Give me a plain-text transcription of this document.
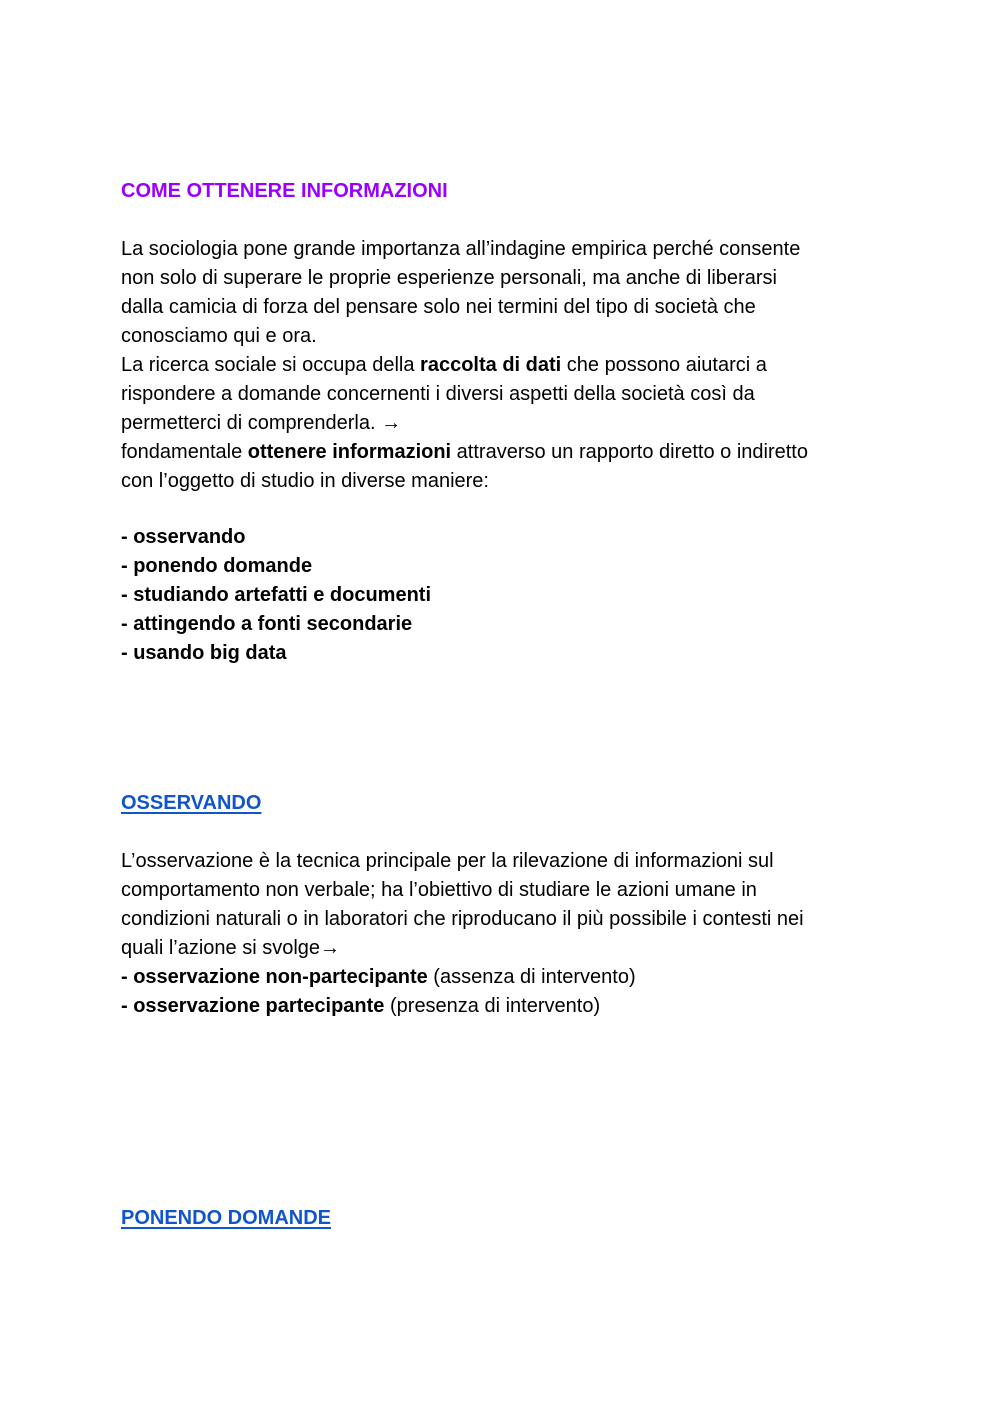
COME OTTENERE INFORMAZIONI

La sociologia pone grande importanza all’indagine empirica perché consente

non solo di superare le proprie esperienze personali, ma anche di liberarsi

dalla camicia di forza del pensare solo nei termini del tipo di società che

conosciamo qui e ora.

La ricerca sociale si occupa della raccolta di dati che possono aiutarci a

rispondere a domande concernenti i diversi aspetti della società così da

permetterci di comprenderla. →

fondamentale ottenere informazioni attraverso un rapporto diretto o indiretto

con l’oggetto di studio in diverse maniere:

- osservando

- ponendo domande

- studiando artefatti e documenti

- attingendo a fonti secondarie

- usando big data

OSSERVANDO

L’osservazione è la tecnica principale per la rilevazione di informazioni sul

comportamento non verbale; ha l’obiettivo di studiare le azioni umane in

condizioni naturali o in laboratori che riproducano il più possibile i contesti nei

quali l’azione si svolge→

- osservazione non-partecipante (assenza di intervento)

- osservazione partecipante (presenza di intervento)

PONENDO DOMANDE
